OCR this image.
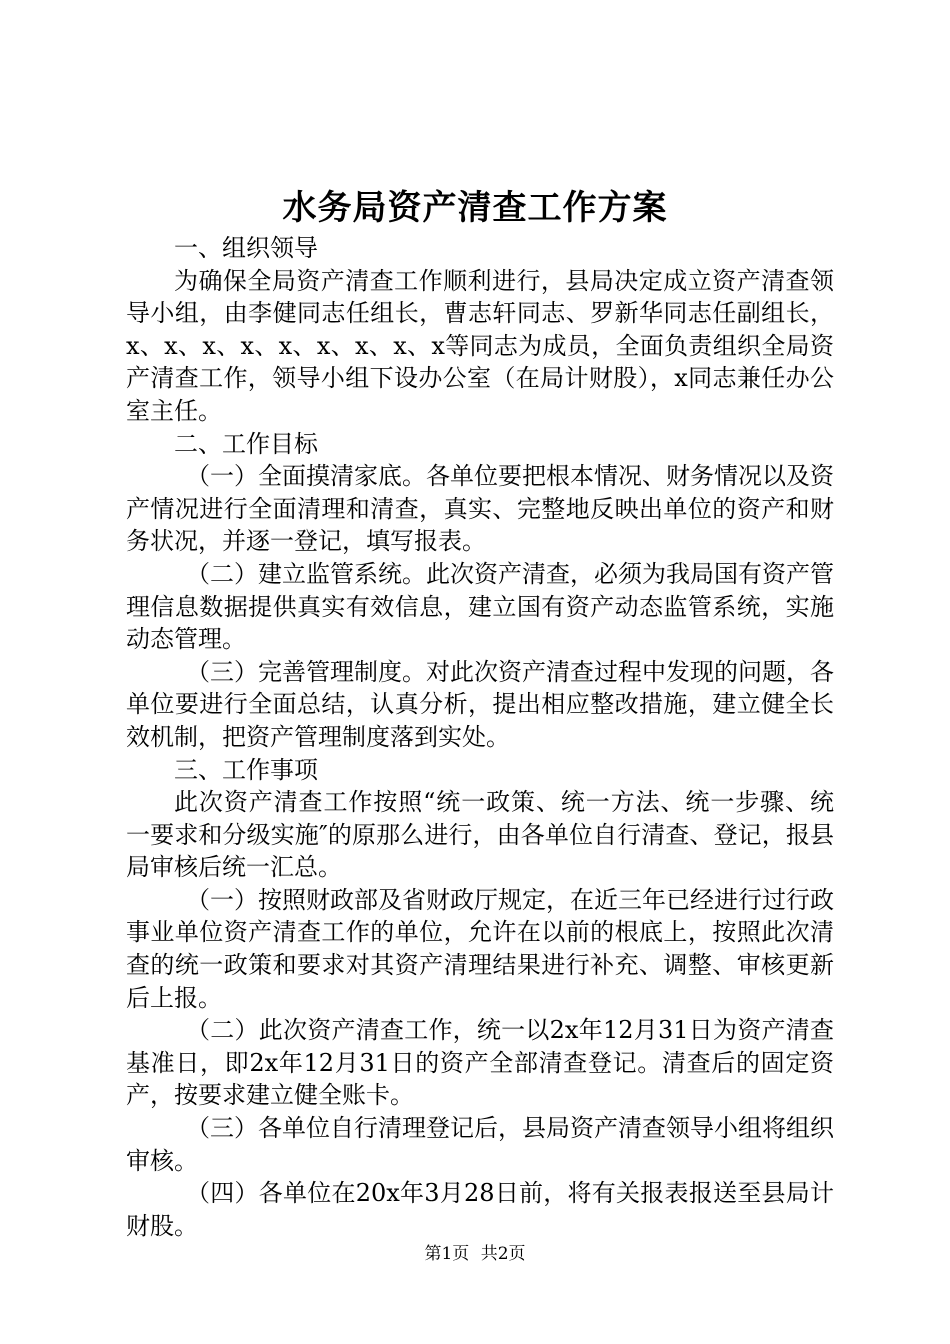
水务局资产清查工作方案

一、组织领导

为确保全局资产清查工作顺利进行，县局决定成立资产清查领导小组，由李健同志任组长，曹志轩同志、罗新华同志任副组长，x、x、x、x、x、x、x、x、x等同志为成员，全面负责组织全局资产清查工作，领导小组下设办公室（在局计财股），x同志兼任办公室主任。

二、工作目标

（一）全面摸清家底。各单位要把根本情况、财务情况以及资产情况进行全面清理和清查，真实、完整地反映出单位的资产和财务状况，并逐一登记，填写报表。

（二）建立监管系统。此次资产清查，必须为我局国有资产管理信息数据提供真实有效信息，建立国有资产动态监管系统，实施动态管理。

（三）完善管理制度。对此次资产清查过程中发现的问题，各单位要进行全面总结，认真分析，提出相应整改措施，建立健全长效机制，把资产管理制度落到实处。

三、工作事项

此次资产清查工作按照“统一政策、统一方法、统一步骤、统一要求和分级实施″的原那么进行，由各单位自行清查、登记，报县局审核后统一汇总。

（一）按照财政部及省财政厅规定，在近三年已经进行过行政事业单位资产清查工作的单位，允许在以前的根底上，按照此次清查的统一政策和要求对其资产清理结果进行补充、调整、审核更新后上报。

（二）此次资产清查工作，统一以2x年12月31日为资产清查基准日，即2x年12月31日的资产全部清查登记。清查后的固定资产，按要求建立健全账卡。

（三）各单位自行清理登记后，县局资产清查领导小组将组织审核。

（四）各单位在20x年3月28日前，将有关报表报送至县局计财股。

第1页 共2页
